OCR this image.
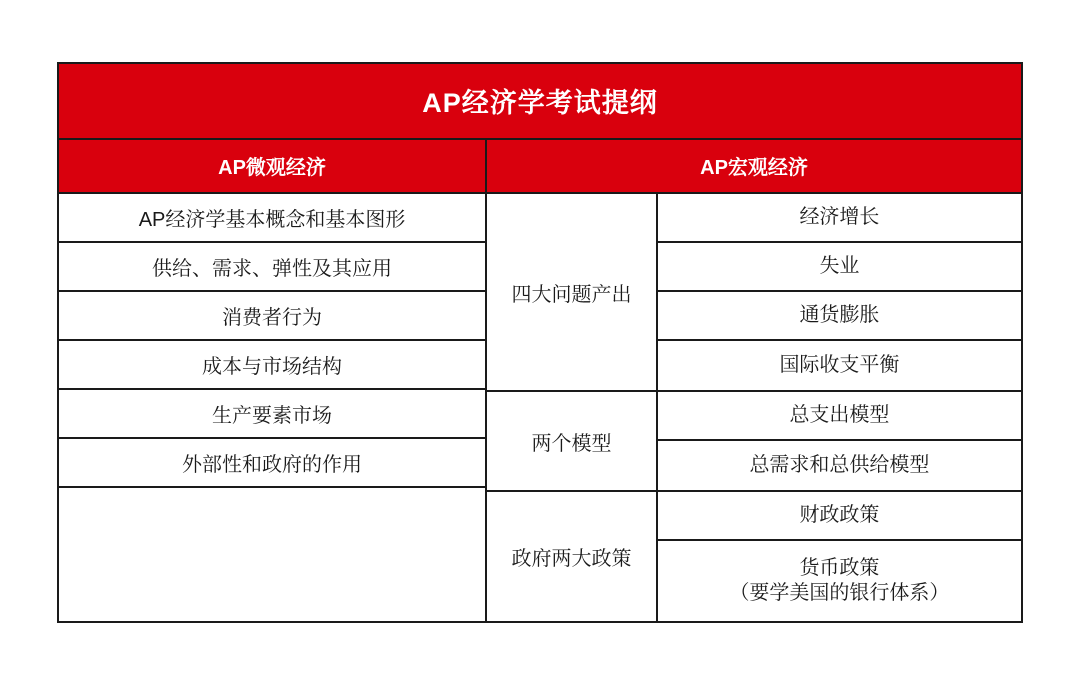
AP经济学考试提纲
AP微观经济	AP宏观经济
AP经济学基本概念和基本图形
供给、需求、弹性及其应用
消费者行为
成本与市场结构
生产要素市场
外部性和政府的作用
四大问题产出
经济增长
失业
通货膨胀
国际收支平衡
两个模型
总支出模型
总需求和总供给模型
政府两大政策
财政政策
货币政策
（要学美国的银行体系）
